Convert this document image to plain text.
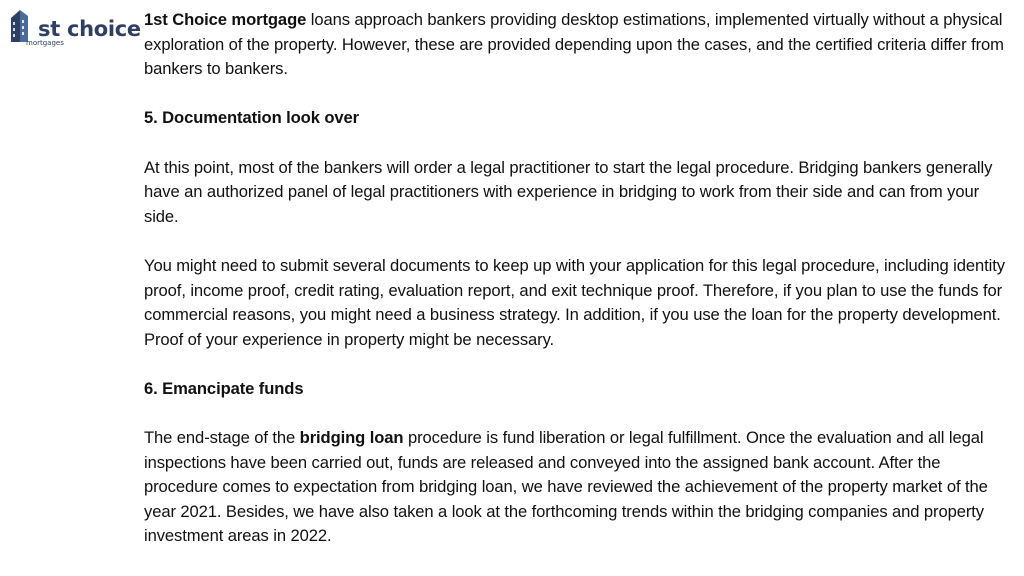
st choice
mortgages

1st Choice mortgage loans approach bankers providing desktop estimations, implemented virtually without a physical exploration of the property. However, these are provided depending upon the cases, and the certified criteria differ from bankers to bankers.

5. Documentation look over

At this point, most of the bankers will order a legal practitioner to start the legal procedure. Bridging bankers generally have an authorized panel of legal practitioners with experience in bridging to work from their side and can from your side.

You might need to submit several documents to keep up with your application for this legal procedure, including identity proof, income proof, credit rating, evaluation report, and exit technique proof. Therefore, if you plan to use the funds for commercial reasons, you might need a business strategy. In addition, if you use the loan for the property development. Proof of your experience in property might be necessary.

6. Emancipate funds

The end-stage of the bridging loan procedure is fund liberation or legal fulfillment. Once the evaluation and all legal inspections have been carried out, funds are released and conveyed into the assigned bank account. After the procedure comes to expectation from bridging loan, we have reviewed the achievement of the property market of the year 2021. Besides, we have also taken a look at the forthcoming trends within the bridging companies and property investment areas in 2022.
